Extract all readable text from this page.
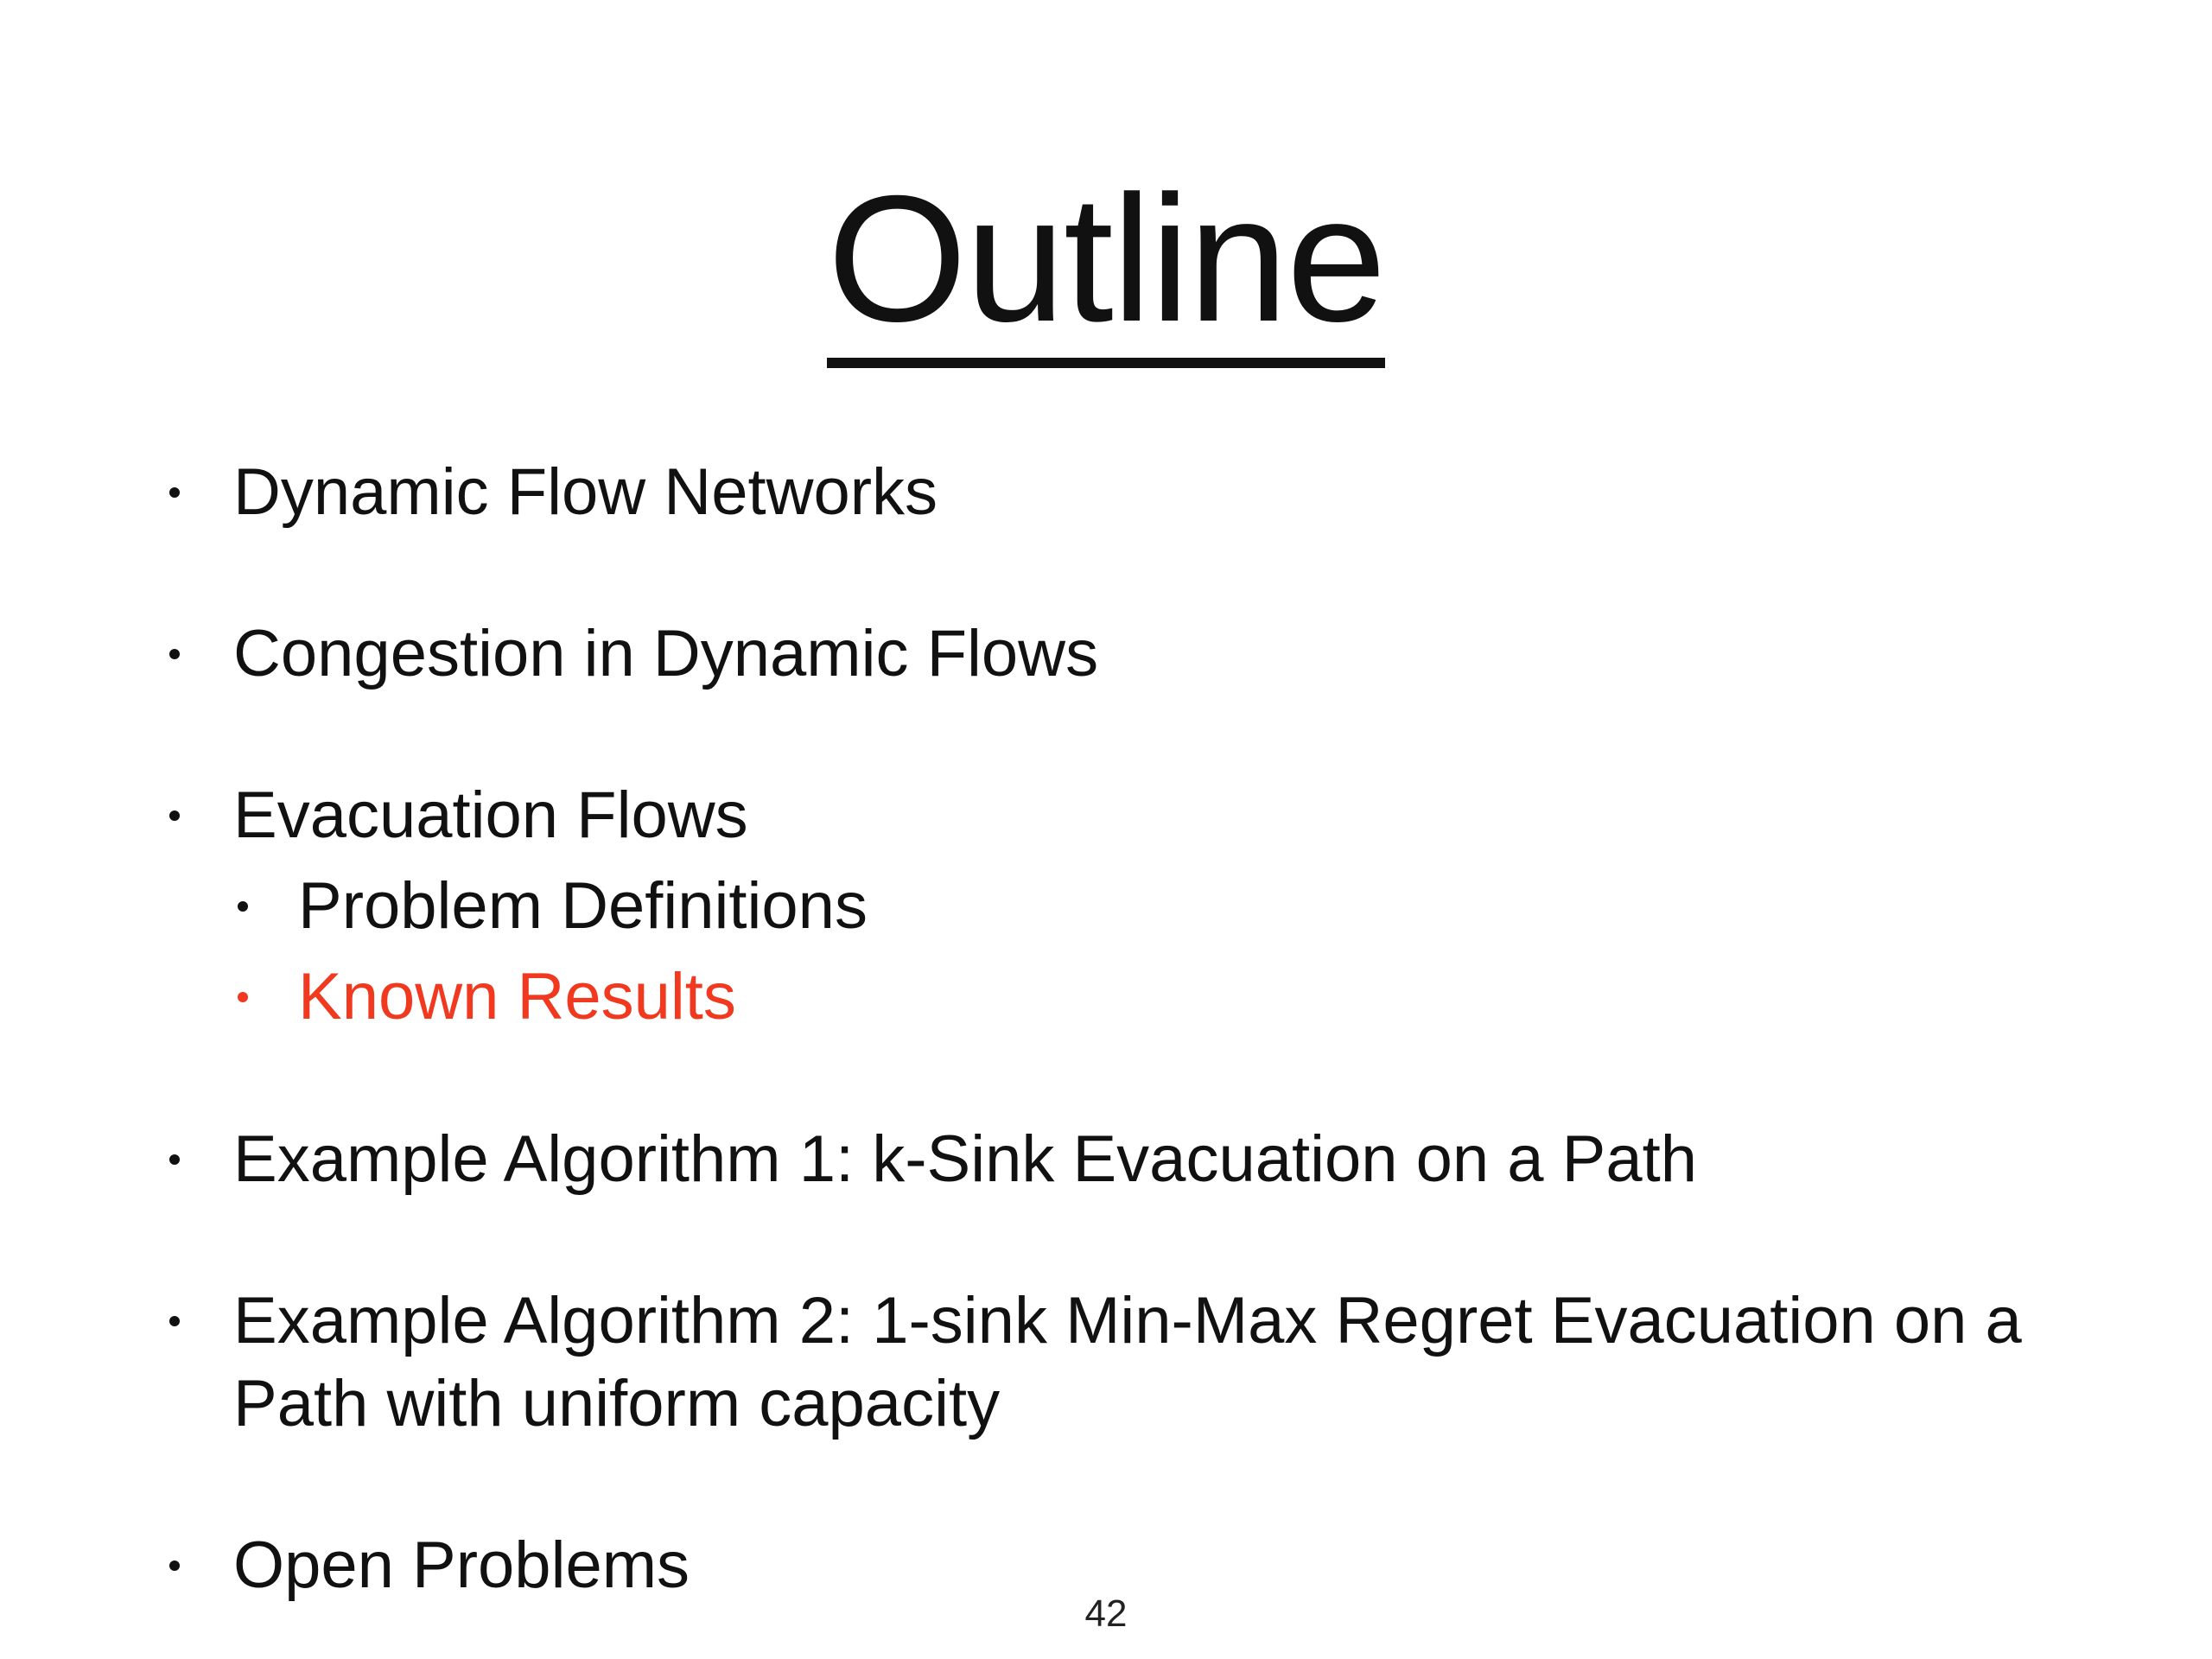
Outline
Dynamic Flow Networks
Congestion in Dynamic Flows
Evacuation Flows
Problem Definitions
Known Results
Example Algorithm 1: k-Sink Evacuation on a Path
Example Algorithm 2: 1-sink Min-Max Regret Evacuation on a
Path with uniform capacity
Open Problems
42
